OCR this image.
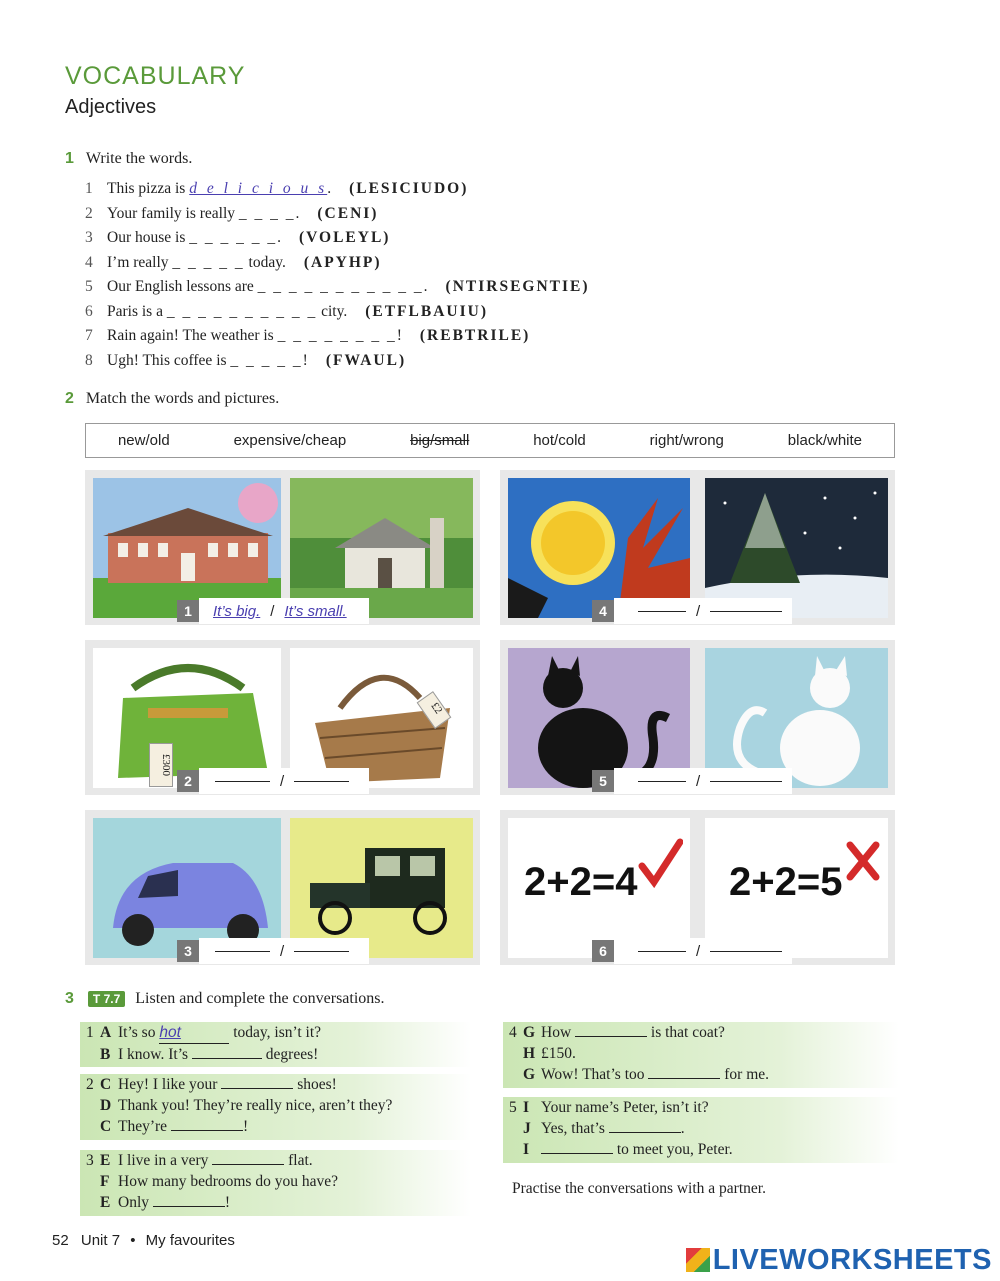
VOCABULARY
Adjectives
1 Write the words.
1 This pizza is d e l i c i o u s. (LESICIUDO)
2 Your family is really _ _ _ _. (CENI)
3 Our house is _ _ _ _ _ _. (VOLEYL)
4 I’m really _ _ _ _ _ today. (APYHP)
5 Our English lessons are _ _ _ _ _ _ _ _ _ _ _. (NTIRSEGNTIE)
6 Paris is a _ _ _ _ _ _ _ _ _ _ city. (ETFLBAUIU)
7 Rain again! The weather is _ _ _ _ _ _ _ _! (REBTRILE)
8 Ugh! This coffee is _ _ _ _ _! (FWAUL)
2 Match the words and pictures.
new/old	expensive/cheap	big/small	hot/cold	right/wrong	black/white
1	It’s big. / It’s small.	4	/
£300
£2
2	/	5	/
3	/
2+2=4 2+2=5
6	/
3 T 7.7 Listen and complete the conversations.
1 A It’s so hot	today, isn’t it?
B I know. It’s	degrees!
2 C Hey! I like your	shoes!
D Thank you! They’re really nice, aren’t they?
C They’re	!
3 E I live in a very	flat.
F How many bedrooms do you have?
E Only	!
4 G How	is that coat?
H £150.
G Wow! That’s too	for me.
5 I Your name’s Peter, isn’t it?
J Yes, that’s	.
I	to meet you, Peter.
Practise the conversations with a partner.
52 Unit 7 • My favourites
LIVEWORKSHEETS
